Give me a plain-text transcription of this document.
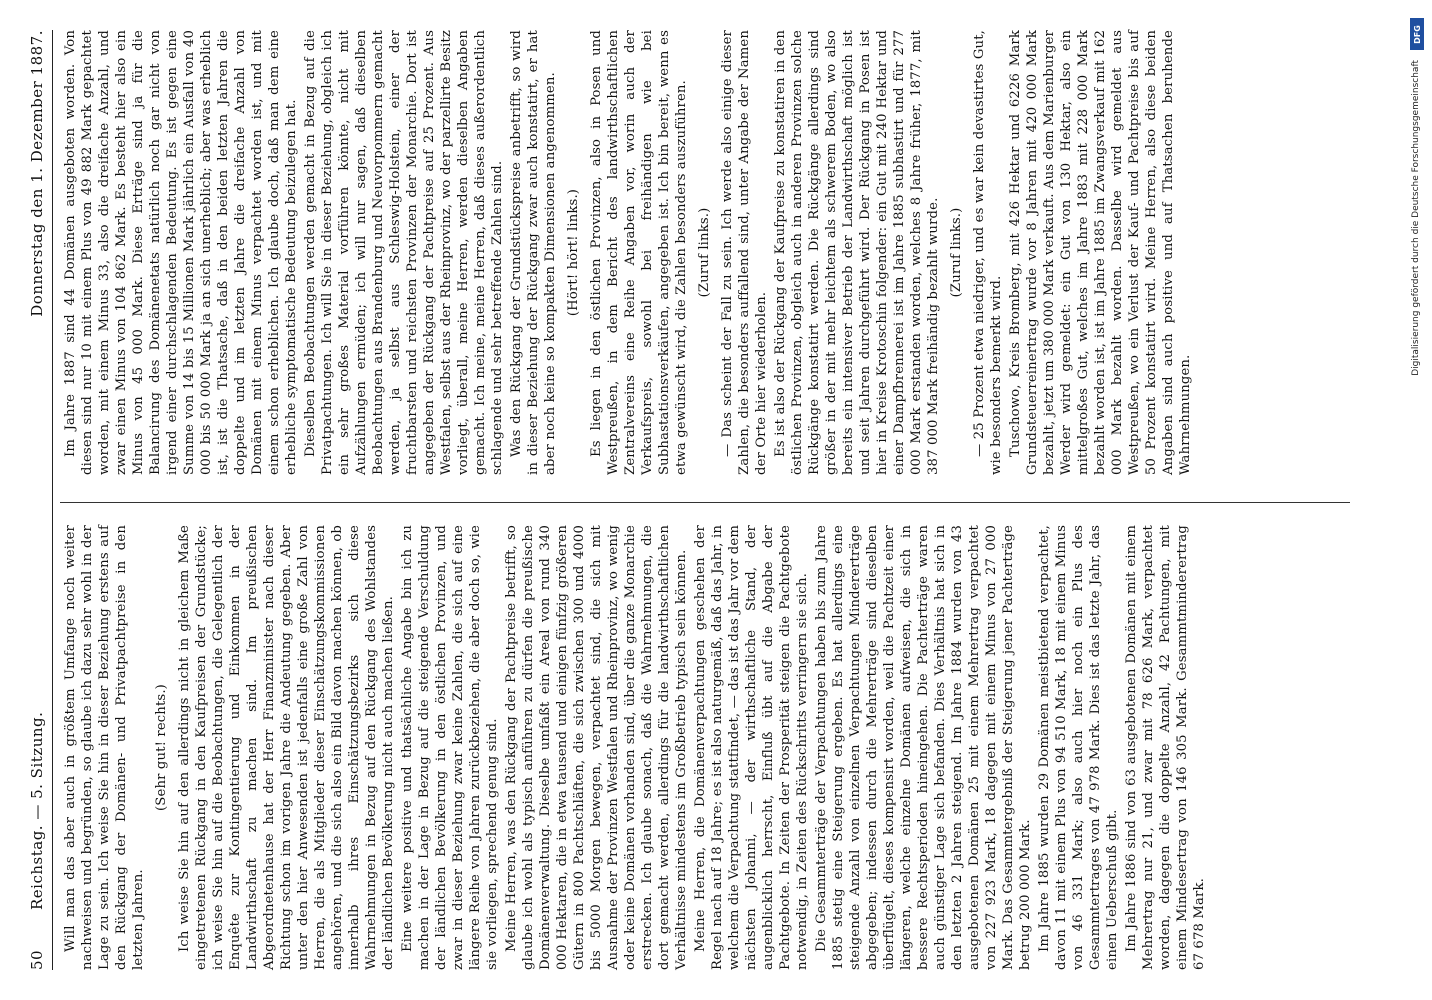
50
Reichstag. — 5. Sitzung.
Donnerstag den 1. Dezember 1887.

Will man das aber auch in größtem Umfange noch weiter nachweisen und begründen, so glaube ich dazu sehr wohl in der Lage zu sein. Ich weise Sie hin in dieser Beziehung erstens auf den Rückgang der Domänen- und Privatpachtpreise in den letzten Jahren.

(Sehr gut! rechts.) Ich weise Sie hin auf den allerdings nicht in gleichem Maße eingetretenen Rückgang in den Kaufpreisen der Grundstücke; ich weise Sie hin auf die Beobachtungen, die Gelegentlich der Enquête zur Kontingentierung und Einkommen in der Landwirthschaft zu machen sind. Im preußischen Abgeordnetenhause hat der Herr Finanzminister nach dieser Richtung schon im vorigen Jahre die Andeutung gegeben. Aber unter den hier Anwesenden ist jedenfalls eine große Zahl von Herren, die als Mitglieder dieser Einschätzungskommissionen angehören, und die sich also ein Bild davon machen können, ob innerhalb ihres Einschätzungsbezirks sich diese Wahrnehmungen in Bezug auf den Rückgang des Wohlstandes der ländlichen Bevölkerung nicht auch machen ließen. Eine weitere positive und thatsächliche Angabe bin ich zu machen in der Lage in Bezug auf die steigende Verschuldung der ländlichen Bevölkerung in den östlichen Provinzen, und zwar in dieser Beziehung zwar keine Zahlen, die sich auf eine längere Reihe von Jahren zurückbeziehen, die aber doch so, wie sie vorliegen, sprechend genug sind. Meine Herren, was den Rückgang der Pachtpreise betrifft, so glaube ich wohl als typisch anführen zu dürfen die preußische Domänenverwaltung. Dieselbe umfaßt ein Areal von rund 340 000 Hektaren, die in etwa tausend und einigen fünfzig größeren Gütern in 800 Pachtschläften, die sich zwischen 300 und 4000 bis 5000 Morgen bewegen, verpachtet sind, die sich mit Ausnahme der Provinzen Westfalen und Rheinprovinz, wo wenig oder keine Domänen vorhanden sind, über die ganze Monarchie erstrecken. Ich glaube sonach, daß die Wahrnehmungen, die dort gemacht werden, allerdings für die landwirthschaftlichen Verhältnisse mindestens im Großbetrieb typisch sein können. Meine Herren, die Domänenverpachtungen geschehen der Regel nach auf 18 Jahre; es ist also naturgemäß, daß das Jahr, in welchem die Verpachtung stattfindet, — das ist das Jahr vor dem nächsten Johanni, — der wirthschaftliche Stand, der augenblicklich herrscht, Einfluß übt auf die Abgabe der Pachtgebote. In Zeiten der Prosperität steigen die Pachtgebote notwendig, in Zeiten des Rückschritts verringern sie sich. Die Gesammterträge der Verpachtungen haben bis zum Jahre 1885 stetig eine Steigerung ergeben. Es hat allerdings eine steigende Anzahl von einzelnen Verpachtungen Mindererträge abgegeben; indessen durch die Mehrerträge sind dieselben überflügelt, dieses kompensirt worden, weil die Pachtzeit einer längeren, welche einzelne Domänen aufweisen, die sich in bessere Rechtsperioden hineingehen. Die Pachterträge waren auch günstiger Lage sich befanden. Dies Verhältnis hat sich in den letzten 2 Jahren steigend. Im Jahre 1884 wurden von 43 ausgebotenen Domänen 25 mit einem Mehrertrag verpachtet von 227 923 Mark, 18 dagegen mit einem Minus von 27 000 Mark. Das Gesammtergebniß der Steigerung jener Pachterträge betrug 200 000 Mark. Im Jahre 1885 wurden 29 Domänen meistbietend verpachtet, davon 11 mit einem Plus von 94 510 Mark, 18 mit einem Minus von 46 331 Mark; also auch hier noch ein Plus des Gesammtertrages von 47 978 Mark. Dies ist das letzte Jahr, das einen Ueberschuß gibt. Im Jahre 1886 sind von 63 ausgebotenen Domänen mit einem Mehrertrag nur 21, und zwar mit 78 626 Mark, verpachtet worden, dagegen die doppelte Anzahl, 42 Pachtungen, mit einem Mindesertrag von 146 305 Mark. Gesammtminderertrag 67 678 Mark.

Im Jahre 1887 sind 44 Domänen ausgeboten worden. Von diesen sind nur 10 mit einem Plus von 49 882 Mark gepachtet worden, mit einem Minus 33, also die dreifache Anzahl, und zwar einen Minus von 104 862 Mark. Es besteht hier also ein Minus von 45 000 Mark. Diese Erträge sind ja für die Balancirung des Domänenetats natürlich noch gar nicht von irgend einer durchschlagenden Bedeutung. Es ist gegen eine Summe von 14 bis 15 Millionen Mark jährlich ein Ausfall von 40 000 bis 50 000 Mark ja an sich unerheblich; aber was erheblich ist, ist die Thatsache, daß in den beiden letzten Jahren die doppelte und im letzten Jahre die dreifache Anzahl von Domänen mit einem Minus verpachtet worden ist, und mit einem schon erheblichen. Ich glaube doch, daß man dem eine erhebliche symptomatische Bedeutung beizulegen hat. Dieselben Beobachtungen werden gemacht in Bezug auf die Privatpachtungen. Ich will Sie in dieser Beziehung, obgleich ich ein sehr großes Material vorführen könnte, nicht mit Aufzählungen ermüden; ich will nur sagen, daß dieselben Beobachtungen aus Brandenburg und Neuvorpommern gemacht werden, ja selbst aus Schleswig-Holstein, einer der fruchtbarsten und reichsten Provinzen der Monarchie. Dort ist angegeben der Rückgang der Pachtpreise auf 25 Prozent. Aus Westfalen, selbst aus der Rheinprovinz, wo der parzellirte Besitz vorliegt, überall, meine Herren, werden dieselben Angaben gemacht. Ich meine, meine Herren, daß dieses außerordentlich schlagende und sehr betreffende Zahlen sind. Was den Rückgang der Grundstückspreise anbetrifft, so wird in dieser Beziehung der Rückgang zwar auch konstatirt, er hat aber noch keine so kompakten Dimensionen angenommen. (Hört! hört! links.) Es liegen in den östlichen Provinzen, also in Posen und Westpreußen, in dem Bericht des landwirthschaftlichen Zentralvereins eine Reihe Angaben vor, worin auch der Verkaufspreis, sowohl bei freihändigen wie bei Subhastationsverkäufen, angegeben ist. Ich bin bereit, wenn es etwa gewünscht wird, die Zahlen besonders auszuführen. (Zuruf links.) — Das scheint der Fall zu sein. Ich werde also einige dieser Zahlen, die besonders auffallend sind, unter Angabe der Namen der Orte hier wiederholen. Es ist also der Rückgang der Kaufpreise zu konstatiren in den östlichen Provinzen, obgleich auch in anderen Provinzen solche Rückgänge konstatirt werden. Die Rückgänge allerdings sind größer in der mit mehr leichtem als schwerem Boden, wo also bereits ein intensiver Betrieb der Landwirthschaft möglich ist und seit Jahren durchgeführt wird. Der Rückgang in Posen ist hier in Kreise Krotoschin folgender: ein Gut mit 240 Hektar und einer Dampfbrennerei ist im Jahre 1885 subhastirt und für 277 000 Mark erstanden worden, welches 8 Jahre früher, 1877, mit 387 000 Mark freihändig bezahlt wurde. (Zuruf links.) — 25 Prozent etwa niedriger, und es war kein devastirtes Gut, wie besonders bemerkt wird. Tuschowo, Kreis Bromberg, mit 426 Hektar und 6226 Mark Grundsteuerreinertrag wurde vor 8 Jahren mit 420 000 Mark bezahlt, jetzt um 380 000 Mark verkauft. Aus dem Marienburger Werder wird gemeldet: ein Gut von 130 Hektar, also ein mittelgroßes Gut, welches im Jahre 1883 mit 228 000 Mark bezahlt worden ist, ist im Jahre 1885 im Zwangsverkauf mit 162 000 Mark bezahlt worden. Dasselbe wird gemeldet aus Westpreußen, wo ein Verlust der Kauf- und Pachtpreise bis auf 50 Prozent konstatirt wird. Meine Herren, also diese beiden Angaben sind auch positive und auf Thatsachen beruhende Wahrnehmungen.

DFG
Digitalisierung gefördert durch die Deutsche Forschungsgemeinschaft
